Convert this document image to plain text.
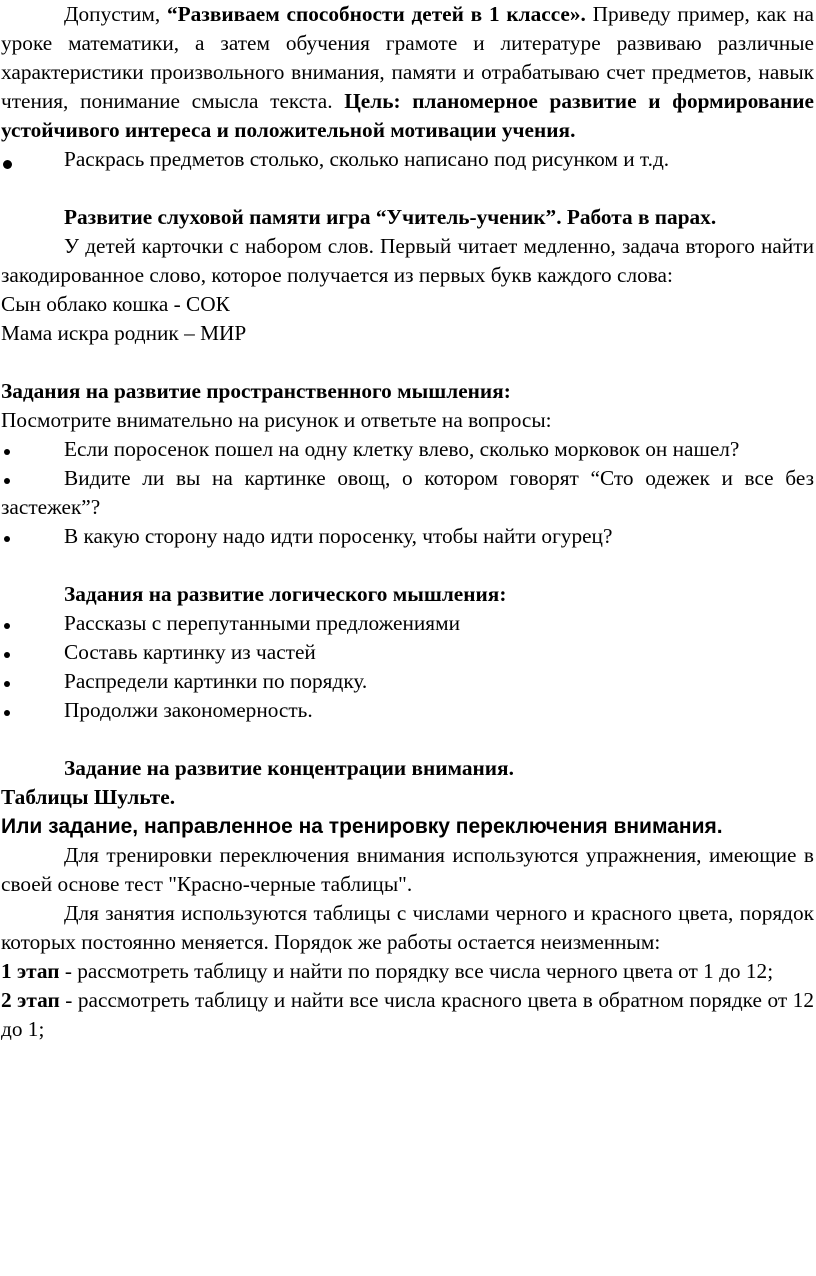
Допустим, “Развиваем способности детей в 1 классе». Приведу пример, как на уроке математики, а затем обучения грамоте и литературе развиваю различные характеристики произвольного внимания, памяти и отрабатываю счет предметов, навык чтения, понимание смысла текста. Цель: планомерное развитие и формирование устойчивого интереса и положительной мотивации учения.

Раскрась предметов столько, сколько написано под рисунком и т.д.

Развитие слуховой памяти игра “Учитель-ученик”. Работа в парах.

У детей карточки с набором слов. Первый читает медленно, задача второго найти закодированное слово, которое получается из первых букв каждого слова:

Сын облако кошка - СОК

Мама искра родник – МИР

Задания на развитие пространственного мышления:

Посмотрите внимательно на рисунок и ответьте на вопросы:

Если поросенок пошел на одну клетку влево, сколько морковок он нашел?
Видите ли вы на картинке овощ, о котором говорят “Сто одежек и все без застежек”?
В какую сторону надо идти поросенку, чтобы найти огурец?

Задания на развитие логического мышления:

Рассказы с перепутанными предложениями
Составь картинку из частей
Распредели картинки по порядку.
Продолжи закономерность.

Задание на развитие концентрации внимания.

Таблицы Шульте.

Или задание, направленное на тренировку переключения внимания.

Для тренировки переключения внимания используются упражнения, имеющие в своей основе тест "Красно-черные таблицы".

Для занятия используются таблицы с числами черного и красного цвета, порядок которых постоянно меняется. Порядок же работы остается неизменным:

1 этап - рассмотреть таблицу и найти по порядку все числа черного цвета от 1 до 12;

2 этап - рассмотреть таблицу и найти все числа красного цвета в обратном порядке от 12 до 1;
